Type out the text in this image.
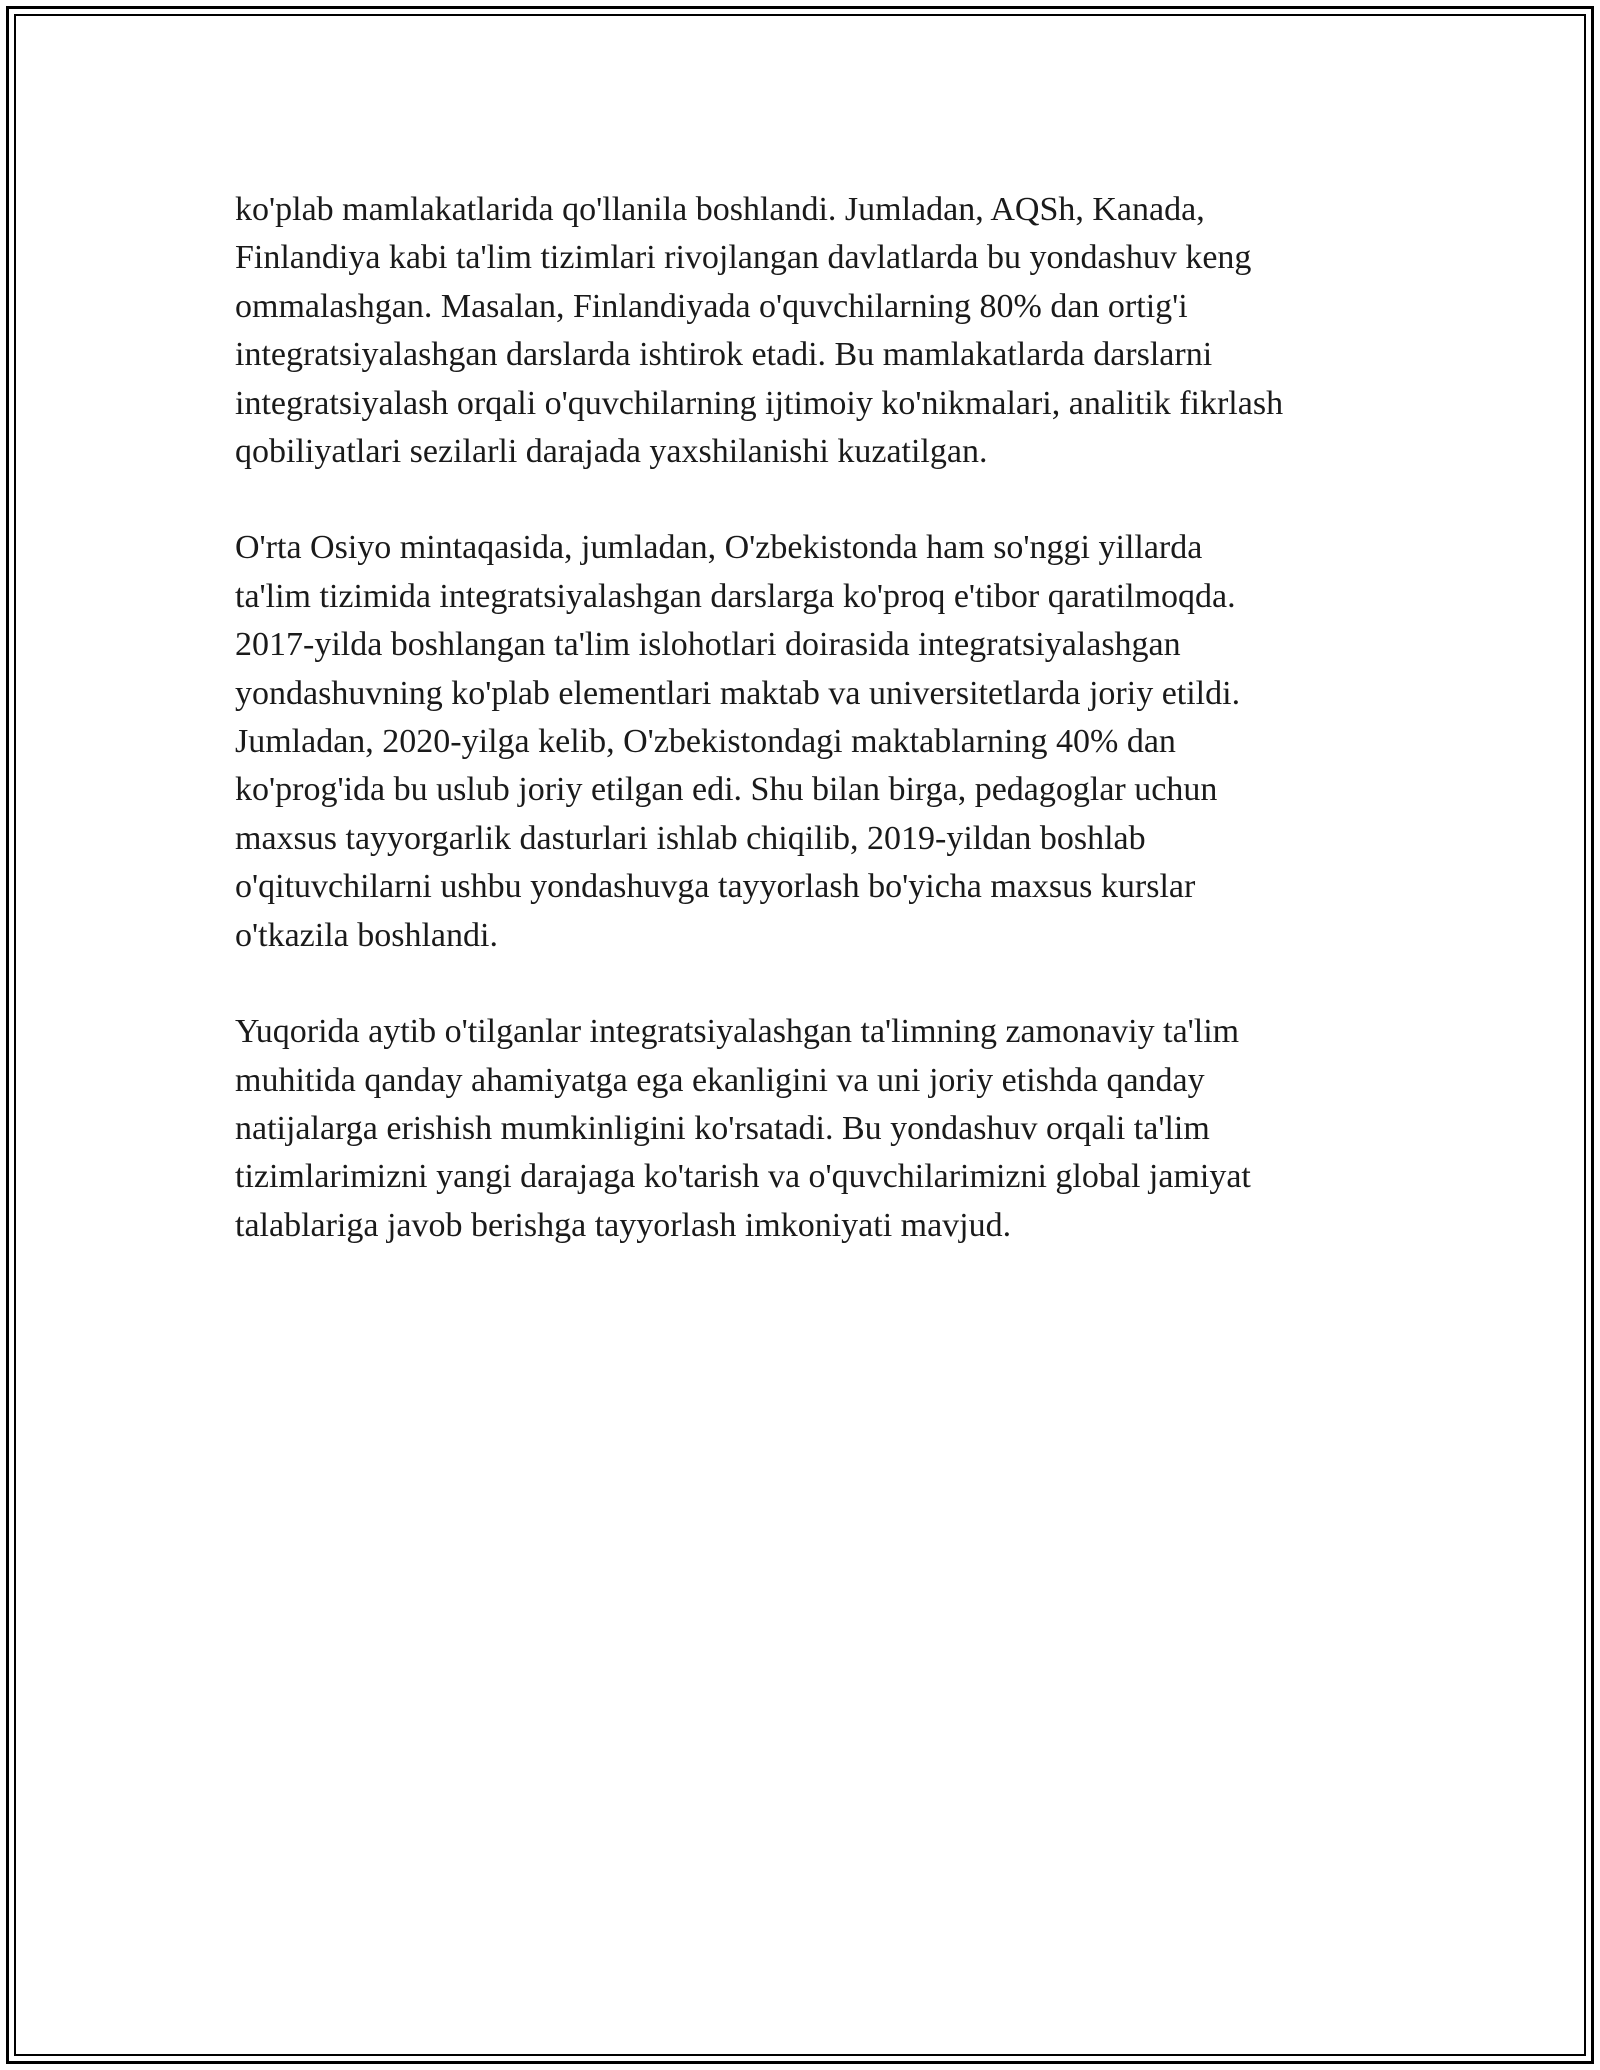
ko'plab mamlakatlarida qo'llanila boshlandi. Jumladan, AQSh, Kanada,
Finlandiya kabi ta'lim tizimlari rivojlangan davlatlarda bu yondashuv keng
ommalashgan. Masalan, Finlandiyada o'quvchilarning 80% dan ortig'i
integratsiyalashgan darslarda ishtirok etadi. Bu mamlakatlarda darslarni
integratsiyalash orqali o'quvchilarning ijtimoiy ko'nikmalari, analitik fikrlash
qobiliyatlari sezilarli darajada yaxshilanishi kuzatilgan.

O'rta Osiyo mintaqasida, jumladan, O'zbekistonda ham so'nggi yillarda
ta'lim tizimida integratsiyalashgan darslarga ko'proq e'tibor qaratilmoqda.
2017-yilda boshlangan ta'lim islohotlari doirasida integratsiyalashgan
yondashuvning ko'plab elementlari maktab va universitetlarda joriy etildi.
Jumladan, 2020-yilga kelib, O'zbekistondagi maktablarning 40% dan
ko'prog'ida bu uslub joriy etilgan edi. Shu bilan birga, pedagoglar uchun
maxsus tayyorgarlik dasturlari ishlab chiqilib, 2019-yildan boshlab
o'qituvchilarni ushbu yondashuvga tayyorlash bo'yicha maxsus kurslar
o'tkazila boshlandi.

Yuqorida aytib o'tilganlar integratsiyalashgan ta'limning zamonaviy ta'lim
muhitida qanday ahamiyatga ega ekanligini va uni joriy etishda qanday
natijalarga erishish mumkinligini ko'rsatadi. Bu yondashuv orqali ta'lim
tizimlarimizni yangi darajaga ko'tarish va o'quvchilarimizni global jamiyat
talablariga javob berishga tayyorlash imkoniyati mavjud.
